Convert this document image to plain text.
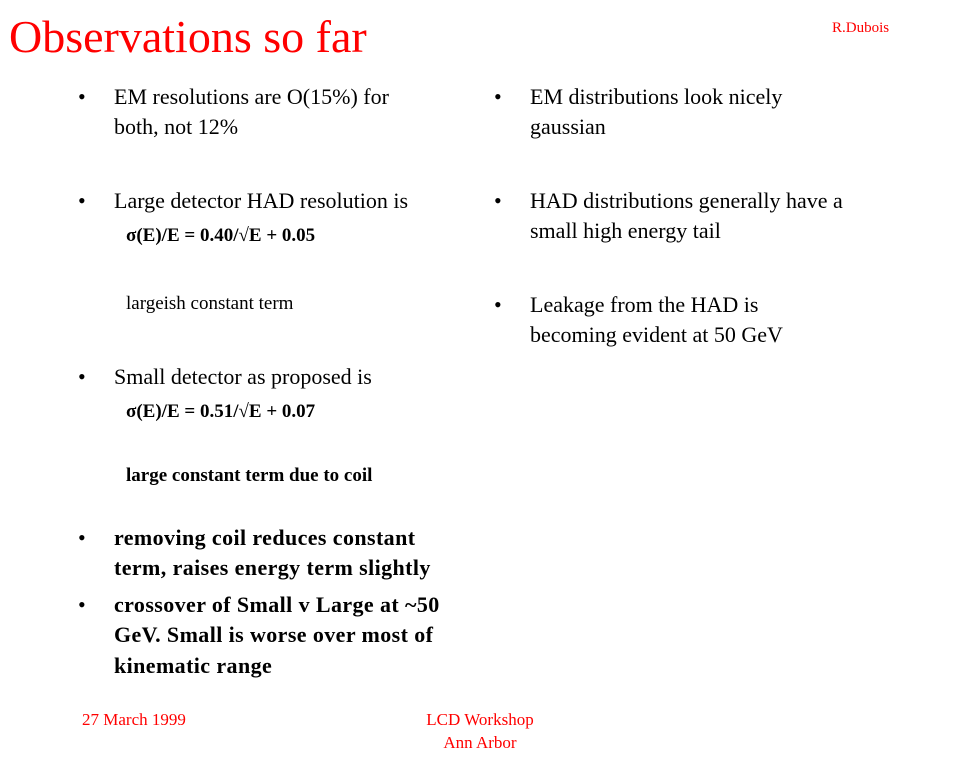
Observations so far	R.Dubois
• EM resolutions are O(15%) for
both, not 12%
• Large detector HAD resolution is
σ(E)/E = 0.40/√E + 0.05
largeish constant term
• Small detector as proposed is
σ(E)/E = 0.51/√E + 0.07
large constant term due to coil
• removing coil reduces constant
term, raises energy term slightly
• crossover of Small v Large at ~50
GeV. Small is worse over most of
kinematic range
• EM distributions look nicely
gaussian
• HAD distributions generally have a
small high energy tail
• Leakage from the HAD is
becoming evident at 50 GeV
27 March 1999	LCD Workshop
Ann Arbor
